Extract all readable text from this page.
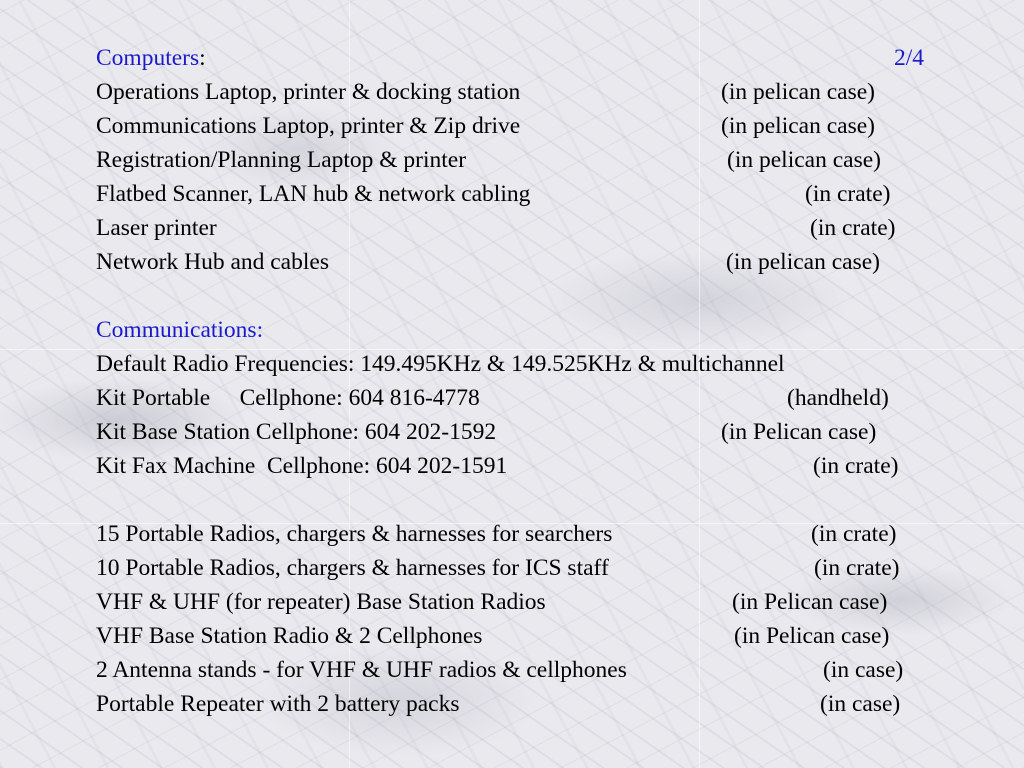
Computers:	2/4
Operations Laptop, printer & docking station	(in pelican case)
Communications Laptop, printer & Zip drive	(in pelican case)
Registration/Planning Laptop & printer	(in pelican case)
Flatbed Scanner, LAN hub & network cabling	(in crate)
Laser printer	(in crate)
Network Hub and cables	(in pelican case)
Communications:
Default Radio Frequencies: 149.495KHz & 149.525KHz & multichannel
Kit Portable     Cellphone: 604 816-4778	(handheld)
Kit Base Station Cellphone: 604 202-1592	(in Pelican case)
Kit Fax Machine  Cellphone: 604 202-1591	(in crate)
15 Portable Radios, chargers & harnesses for searchers	(in crate)
10 Portable Radios, chargers & harnesses for ICS staff	(in crate)
VHF & UHF (for repeater) Base Station Radios	(in Pelican case)
VHF Base Station Radio & 2 Cellphones	(in Pelican case)
2 Antenna stands - for VHF & UHF radios & cellphones	(in case)
Portable Repeater with 2 battery packs	(in case)
